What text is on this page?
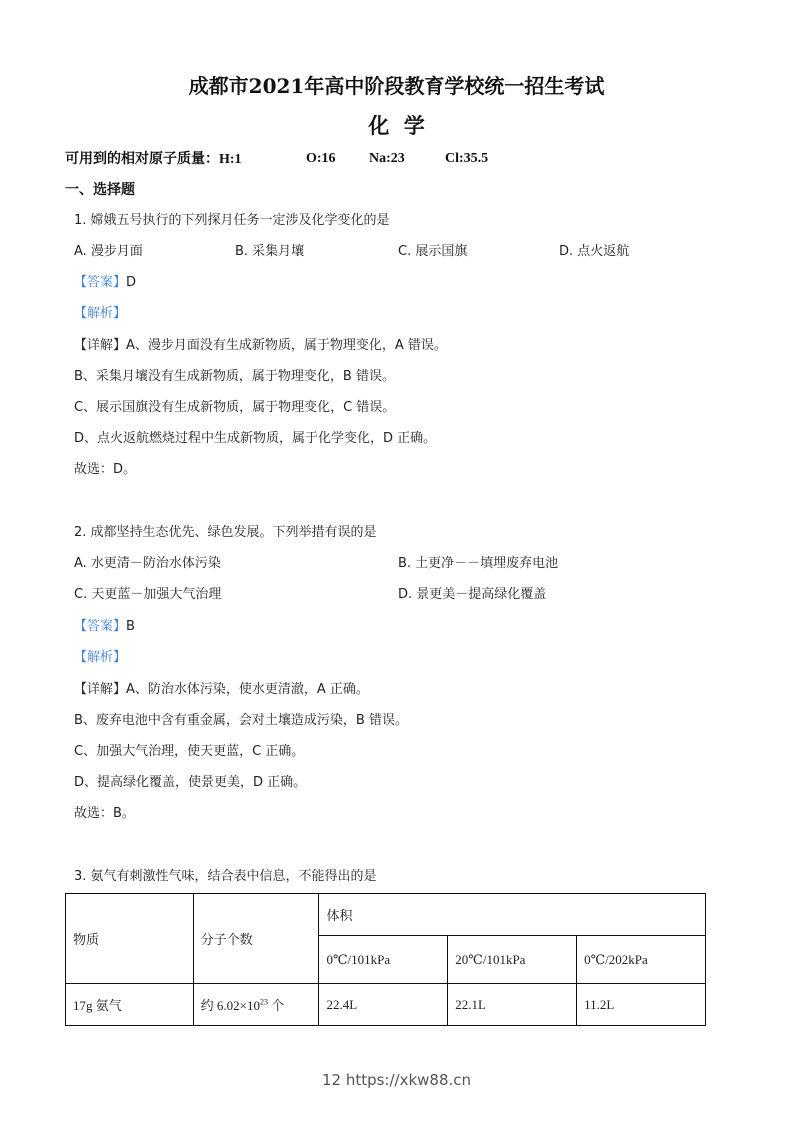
成都市2021年高中阶段教育学校统一招生考试
化  学
可用到的相对原子质量：H:1	O:16 Na:23	Cl:35.5
一、选择题
1. 嫦娥五号执行的下列探月任务一定涉及化学变化的是
A. 漫步月面	B. 采集月壤	C. 展示国旗	D. 点火返航
【答案】D
【解析】
【详解】A、漫步月面没有生成新物质，属于物理变化，A 错误。
B、采集月壤没有生成新物质，属于物理变化，B 错误。
C、展示国旗没有生成新物质，属于物理变化，C 错误。
D、点火返航燃烧过程中生成新物质，属于化学变化，D 正确。
故选：D。
2. 成都坚持生态优先、绿色发展。下列举措有误的是
A. 水更清－防治水体污染	B. 土更净－－填埋废弃电池
C. 天更蓝－加强大气治理	D. 景更美－提高绿化覆盖
【答案】B
【解析】
【详解】A、防治水体污染，使水更清澈，A 正确。
B、废弃电池中含有重金属，会对土壤造成污染，B 错误。
C、加强大气治理，使天更蓝，C 正确。
D、提高绿化覆盖，使景更美，D 正确。
故选：B。
3. 氨气有刺激性气味，结合表中信息，不能得出的是
物质	分子个数	体积		
		0℃/101kPa	20℃/101kPa	0℃/202kPa
17g 氨气	约 $6.02\times 10^{23}$ 个	22.4L	22.1L	11.2L
12 https://xkw88.cn
